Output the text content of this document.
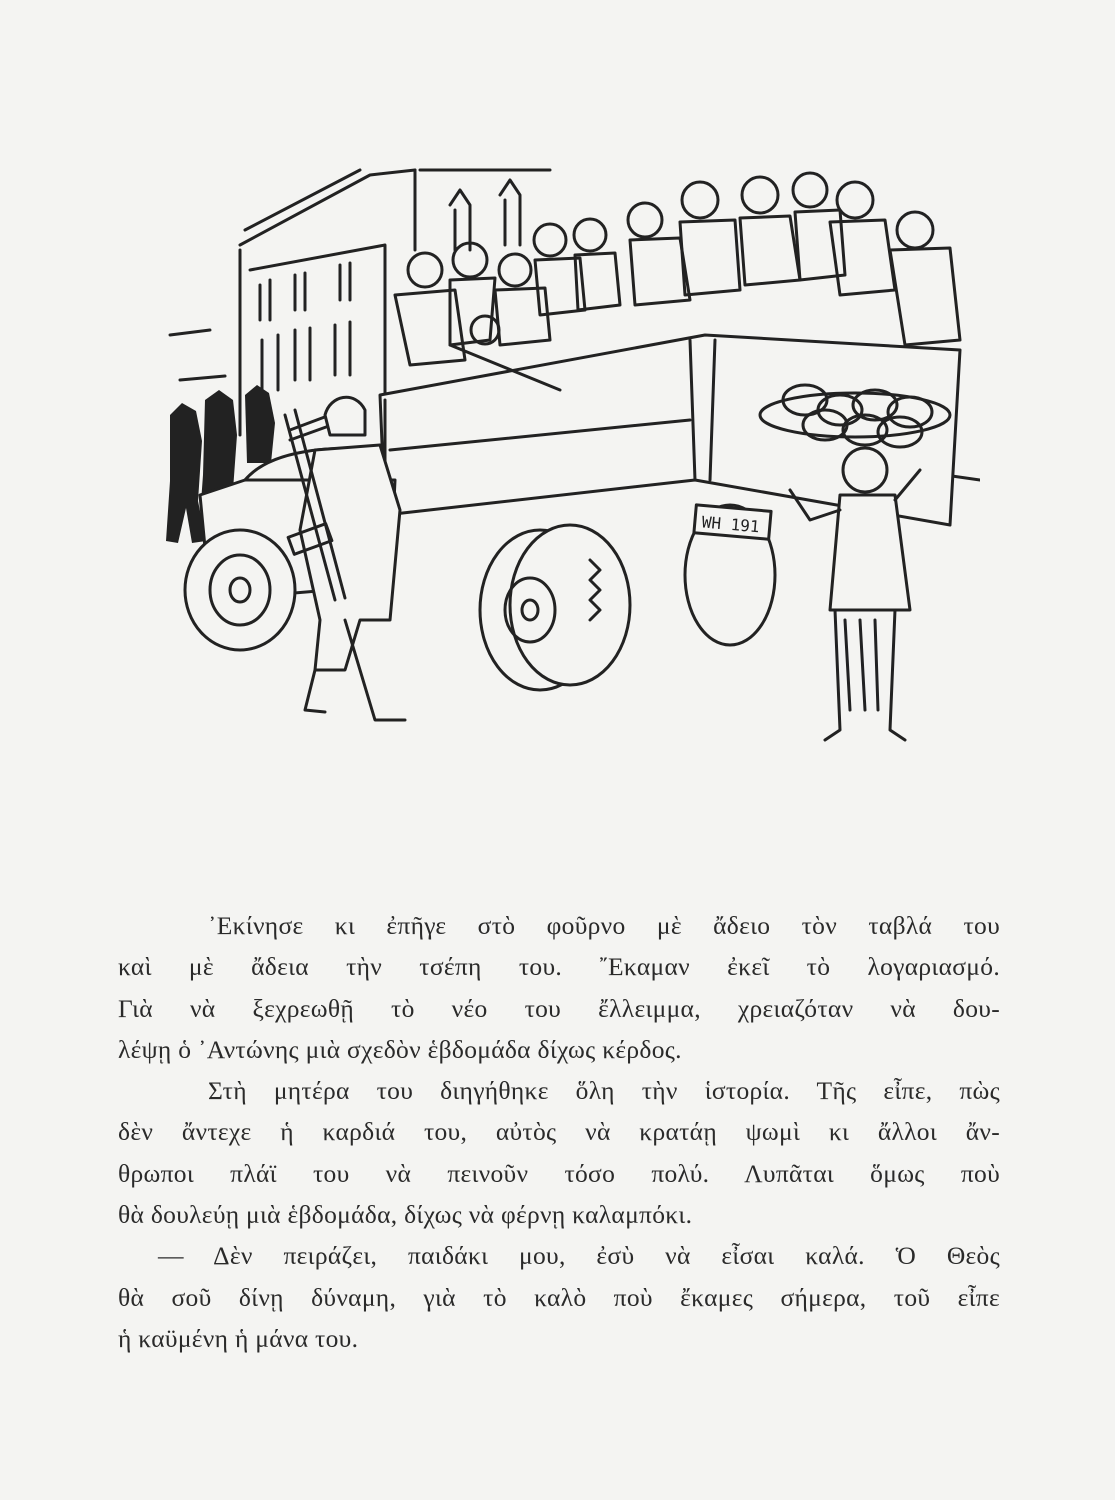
WH 191
᾿Εκίνησε κι ἐπῆγε στὸ φοῦρνο μὲ ἄδειο τὸν ταβλά του
καὶ μὲ ἄδεια τὴν τσέπη του. ῎Εκαμαν ἐκεῖ τὸ λογαριασμό.
Γιὰ νὰ ξεχρεωθῇ τὸ νέο του ἔλλειμμα, χρειαζόταν νὰ δου-
λέψῃ ὁ ᾿Αντώνης μιὰ σχεδὸν ἑβδομάδα δίχως κέρδος.
Στὴ μητέρα του διηγήθηκε ὅλη τὴν ἱστορία. Τῆς εἶπε, πὼς
δὲν ἄντεχε ἡ καρδιά του, αὐτὸς νὰ κρατάῃ ψωμὶ κι ἄλλοι ἄν-
θρωποι πλάϊ του νὰ πεινοῦν τόσο πολύ. Λυπᾶται ὅμως ποὺ
θὰ δουλεύῃ μιὰ ἑβδομάδα, δίχως νὰ φέρνῃ καλαμπόκι.
— Δὲν πειράζει, παιδάκι μου, ἐσὺ νὰ εἶσαι καλά. Ὁ Θεὸς
θὰ σοῦ δίνῃ δύναμη, γιὰ τὸ καλὸ ποὺ ἔκαμες σήμερα, τοῦ εἶπε
ἡ καϋμένη ἡ μάνα του.
